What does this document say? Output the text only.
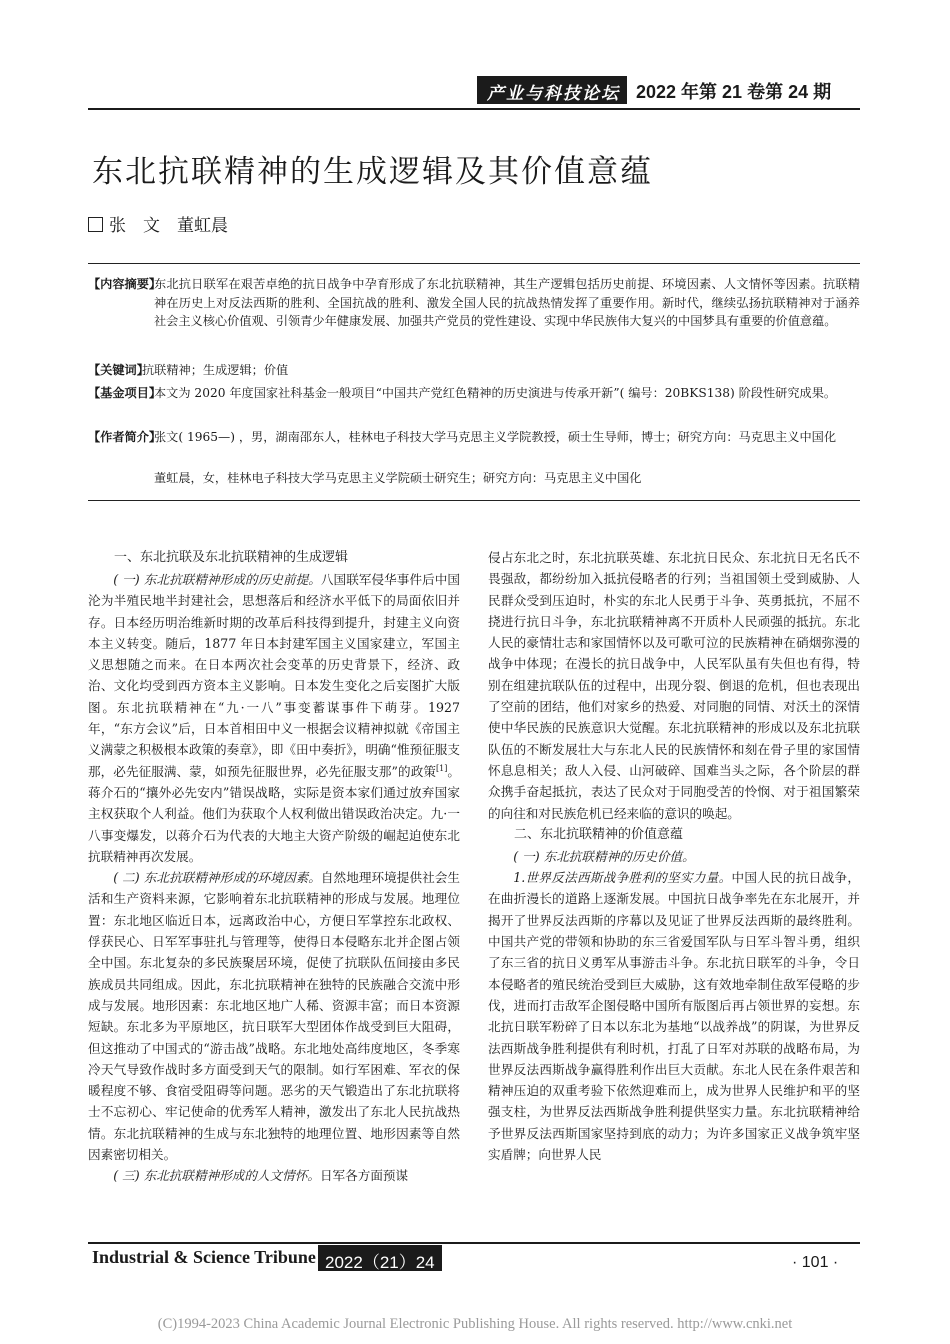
产业与科技论坛 2022 年第 21 卷第 24 期
东北抗联精神的生成逻辑及其价值意蕴
张　文　董虹晨
【内容摘要】
东北抗日联军在艰苦卓绝的抗日战争中孕育形成了东北抗联精神，其生产逻辑包括历史前提、环境因素、人文情怀等因素。抗联精神在历史上对反法西斯的胜利、全国抗战的胜利、激发全国人民的抗战热情发挥了重要作用。新时代，继续弘扬抗联精神对于涵养社会主义核心价值观、引领青少年健康发展、加强共产党员的党性建设、实现中华民族伟大复兴的中国梦具有重要的价值意蕴。
【关键词】
抗联精神；生成逻辑；价值
【基金项目】
本文为 2020 年度国家社科基金一般项目“中国共产党红色精神的历史演进与传承开新”( 编号：20BKS138) 阶段性研究成果。
【作者简介】
张文( 1965—) ，男，湖南邵东人，桂林电子科技大学马克思主义学院教授，硕士生导师，博士；研究方向：马克思主义中国化
董虹晨，女，桂林电子科技大学马克思主义学院硕士研究生；研究方向：马克思主义中国化
一、东北抗联及东北抗联精神的生成逻辑

( 一) 东北抗联精神形成的历史前提。八国联军侵华事件后中国沦为半殖民地半封建社会，思想落后和经济水平低下的局面依旧并存。日本经历明治维新时期的改革后科技得到提升，封建主义向资本主义转变。随后，1877 年日本封建军国主义国家建立，军国主义思想随之而来。在日本两次社会变革的历史背景下，经济、政治、文化均受到西方资本主义影响。日本发生变化之后妄图扩大版图。东北抗联精神在“九·一八”事变蓄谋事件下萌芽。1927 年，“东方会议”后，日本首相田中义一根据会议精神拟就《帝国主义满蒙之积极根本政策的奏章》，即《田中奏折》，明确“惟预征服支那，必先征服满、蒙，如预先征服世界，必先征服支那”的政策[1]。蒋介石的“攘外必先安内”错误战略，实际是资本家们通过放弃国家主权获取个人利益。他们为获取个人权利做出错误政治决定。九·一八事变爆发，以蒋介石为代表的大地主大资产阶级的崛起迫使东北抗联精神再次发展。

( 二) 东北抗联精神形成的环境因素。自然地理环境提供社会生活和生产资料来源，它影响着东北抗联精神的形成与发展。地理位置：东北地区临近日本，远离政治中心，方便日军掌控东北政权、俘获民心、日军军事驻扎与管理等，使得日本侵略东北并企图占领全中国。东北复杂的多民族聚居环境，促使了抗联队伍间接由多民族成员共同组成。因此，东北抗联精神在独特的民族融合交流中形成与发展。地形因素：东北地区地广人稀、资源丰富；而日本资源短缺。东北多为平原地区，抗日联军大型团体作战受到巨大阻碍，但这推动了中国式的“游击战”战略。东北地处高纬度地区，冬季寒冷天气导致作战时多方面受到天气的限制。如行军困难、军衣的保暖程度不够、食宿受阻碍等问题。恶劣的天气锻造出了东北抗联将士不忘初心、牢记使命的优秀军人精神，激发出了东北人民抗战热情。东北抗联精神的生成与东北独特的地理位置、地形因素等自然因素密切相关。

( 三) 东北抗联精神形成的人文情怀。日军各方面预谋

侵占东北之时，东北抗联英雄、东北抗日民众、东北抗日无名氏不畏强敌，都纷纷加入抵抗侵略者的行列；当祖国领土受到威胁、人民群众受到压迫时，朴实的东北人民勇于斗争、英勇抵抗，不屈不挠进行抗日斗争，东北抗联精神离不开质朴人民顽强的抵抗。东北人民的豪情壮志和家国情怀以及可歌可泣的民族精神在硝烟弥漫的战争中体现；在漫长的抗日战争中，人民军队虽有失但也有得，特别在组建抗联队伍的过程中，出现分裂、倒退的危机，但也表现出了空前的团结，他们对家乡的热爱、对同胞的同情、对沃土的深情使中华民族的民族意识大觉醒。东北抗联精神的形成以及东北抗联队伍的不断发展壮大与东北人民的民族情怀和刻在骨子里的家国情怀息息相关；敌人入侵、山河破碎、国难当头之际，各个阶层的群众携手奋起抵抗，表达了民众对于同胞受苦的怜悯、对于祖国繁荣的向往和对民族危机已经来临的意识的唤起。

二、东北抗联精神的价值意蕴
( 一) 东北抗联精神的历史价值。

1.世界反法西斯战争胜利的坚实力量。中国人民的抗日战争，在曲折漫长的道路上逐渐发展。中国抗日战争率先在东北展开，并揭开了世界反法西斯的序幕以及见证了世界反法西斯的最终胜利。中国共产党的带领和协助的东三省爱国军队与日军斗智斗勇，组织了东三省的抗日义勇军从事游击斗争。东北抗日联军的斗争，令日本侵略者的殖民统治受到巨大威胁，这有效地牵制住敌军侵略的步伐，进而打击敌军企图侵略中国所有版图后再占领世界的妄想。东北抗日联军粉碎了日本以东北为基地“以战养战”的阴谋，为世界反法西斯战争胜利提供有利时机，打乱了日军对苏联的战略布局，为世界反法西斯战争赢得胜利作出巨大贡献。东北人民在条件艰苦和精神压迫的双重考验下依然迎难而上，成为世界人民维护和平的坚强支柱，为世界反法西斯战争胜利提供坚实力量。东北抗联精神给予世界反法西斯国家坚持到底的动力；为许多国家正义战争筑牢坚实盾牌；向世界人民

Industrial & Science Tribune 2022（21）24	· 101 ·
(C)1994-2023 China Academic Journal Electronic Publishing House. All rights reserved. http://www.cnki.net
